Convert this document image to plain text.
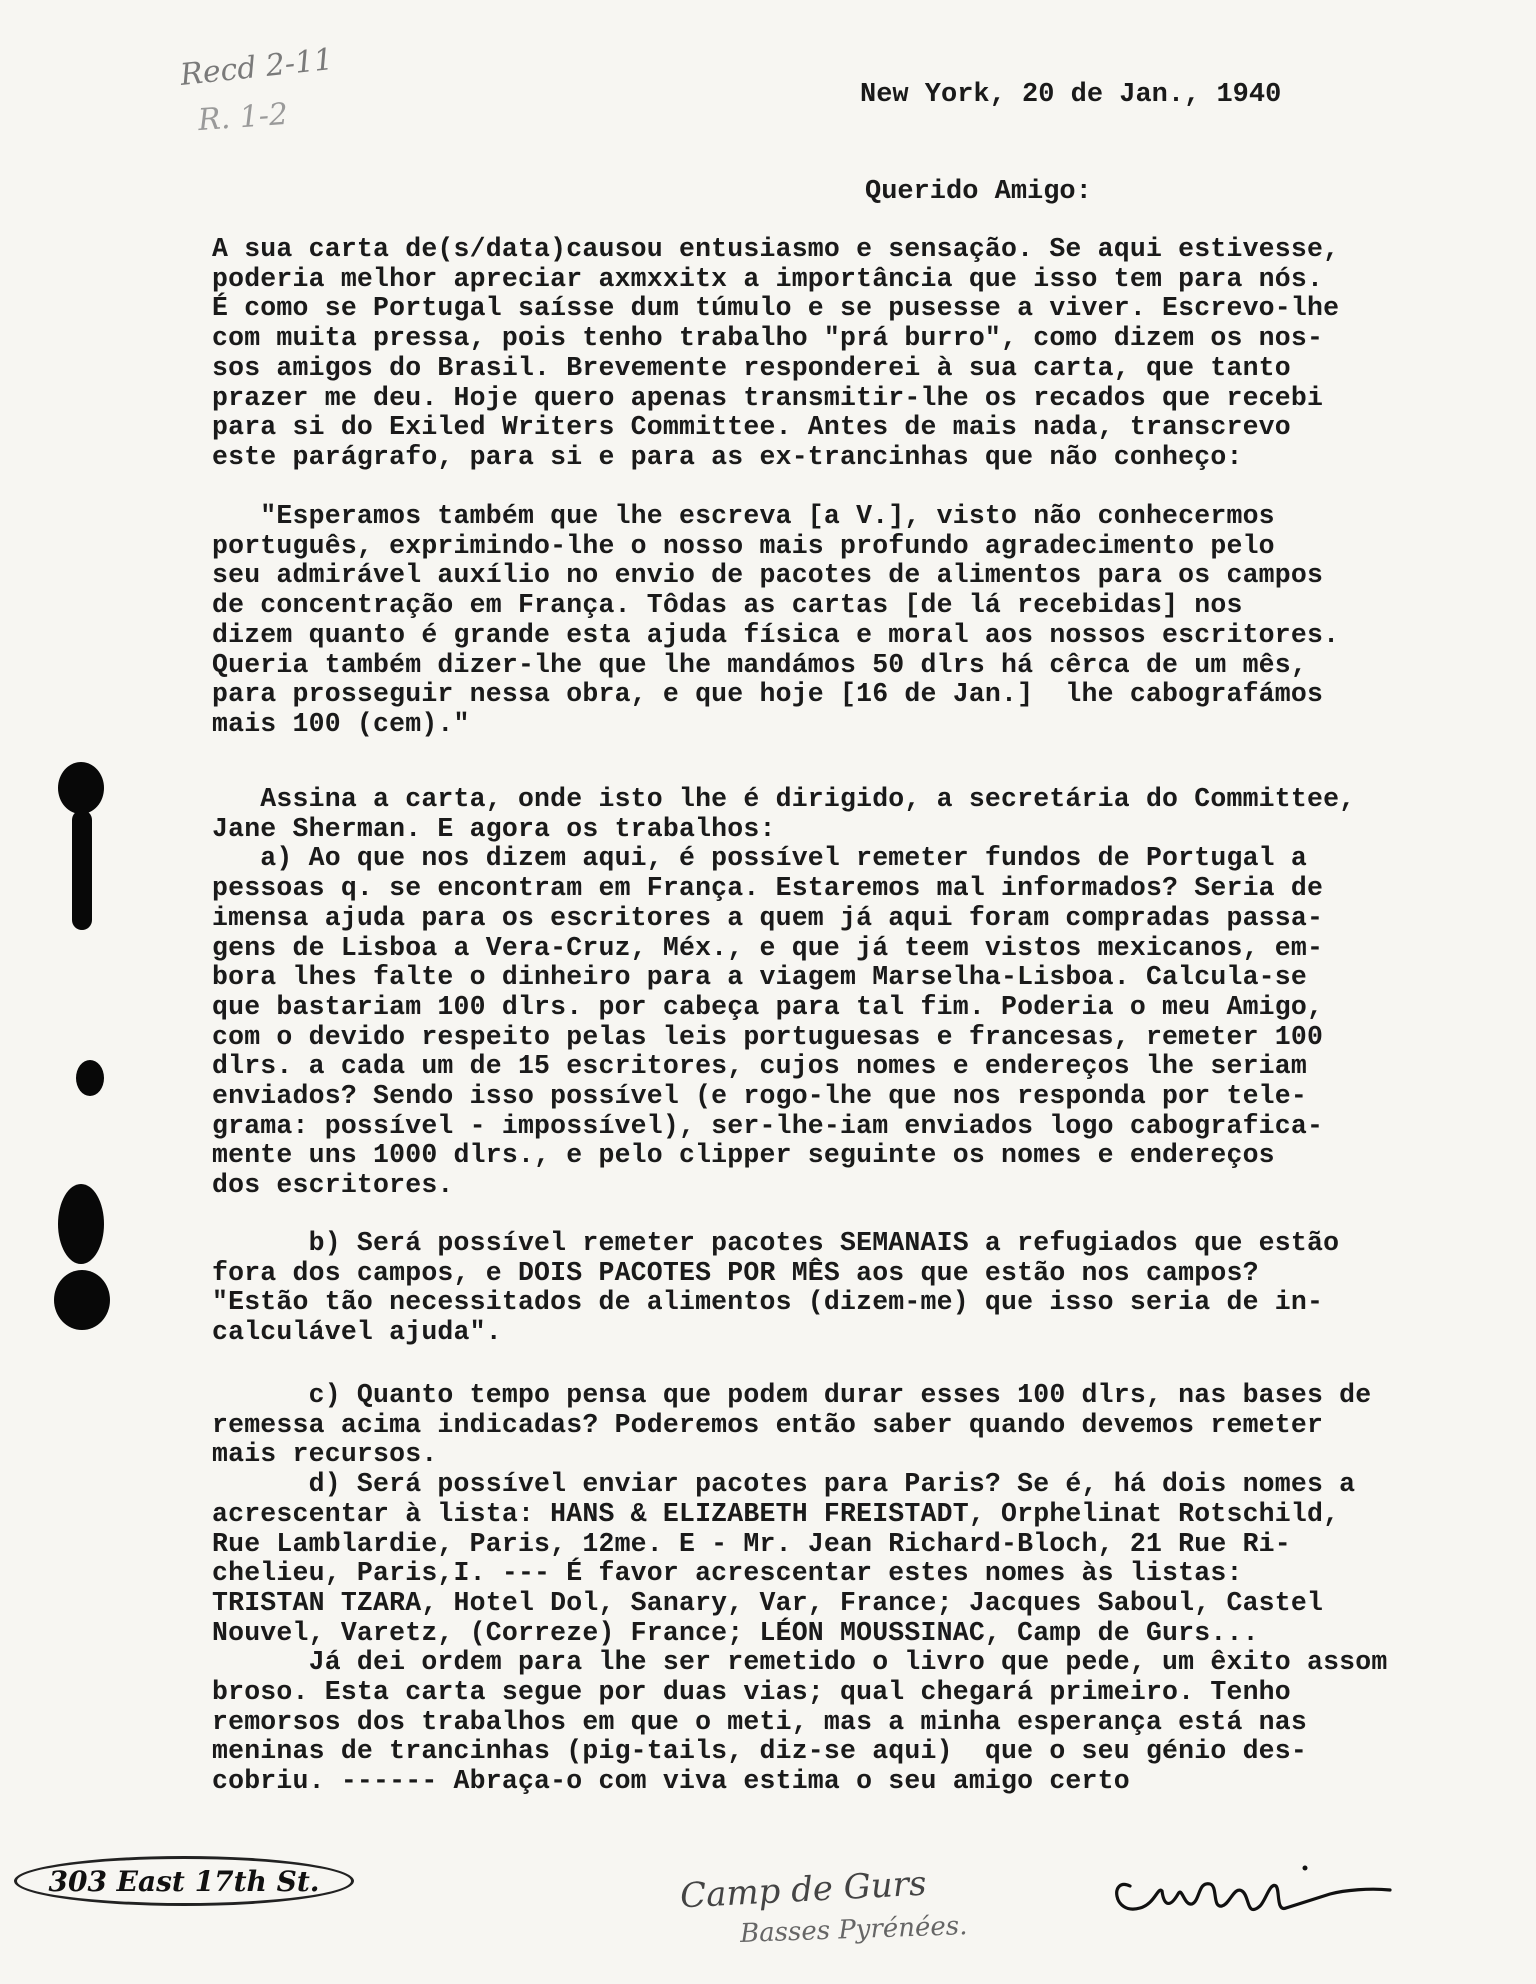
Recd 2-11
R. 1-2
New York, 20 de Jan., 1940
Querido Amigo:

A sua carta de(s/data)causou entusiasmo e sensação. Se aqui estivesse,

poderia melhor apreciar axmxxitx a importância que isso tem para nós.

É como se Portugal saísse dum túmulo e se pusesse a viver. Escrevo-lhe

com muita pressa, pois tenho trabalho "prá burro", como dizem os nos-

sos amigos do Brasil. Brevemente responderei à sua carta, que tanto

prazer me deu. Hoje quero apenas transmitir-lhe os recados que recebi

para si do Exiled Writers Committee. Antes de mais nada, transcrevo

este parágrafo, para si e para as ex-trancinhas que não conheço:

"Esperamos também que lhe escreva [a V.], visto não conhecermos

português, exprimindo-lhe o nosso mais profundo agradecimento pelo

seu admirável auxílio no envio de pacotes de alimentos para os campos

de concentração em França. Tôdas as cartas [de lá recebidas] nos

dizem quanto é grande esta ajuda física e moral aos nossos escritores.

Queria também dizer-lhe que lhe mandámos 50 dlrs há cêrca de um mês,

para prosseguir nessa obra, e que hoje [16 de Jan.]  lhe cabografámos

mais 100 (cem)."

Assina a carta, onde isto lhe é dirigido, a secretária do Committee,

Jane Sherman. E agora os trabalhos:

a) Ao que nos dizem aqui, é possível remeter fundos de Portugal a

pessoas q. se encontram em França. Estaremos mal informados? Seria de

imensa ajuda para os escritores a quem já aqui foram compradas passa-

gens de Lisboa a Vera-Cruz, Méx., e que já teem vistos mexicanos, em-

bora lhes falte o dinheiro para a viagem Marselha-Lisboa. Calcula-se

que bastariam 100 dlrs. por cabeça para tal fim. Poderia o meu Amigo,

com o devido respeito pelas leis portuguesas e francesas, remeter 100

dlrs. a cada um de 15 escritores, cujos nomes e endereços lhe seriam

enviados? Sendo isso possível (e rogo-lhe que nos responda por tele-

grama: possível - impossível), ser-lhe-iam enviados logo cabografica-

mente uns 1000 dlrs., e pelo clipper seguinte os nomes e endereços

dos escritores.

b) Será possível remeter pacotes SEMANAIS a refugiados que estão

fora dos campos, e DOIS PACOTES POR MÊS aos que estão nos campos?

"Estão tão necessitados de alimentos (dizem-me) que isso seria de in-

calculável ajuda".

c) Quanto tempo pensa que podem durar esses 100 dlrs, nas bases de

remessa acima indicadas? Poderemos então saber quando devemos remeter

mais recursos.

d) Será possível enviar pacotes para Paris? Se é, há dois nomes a

acrescentar à lista: HANS & ELIZABETH FREISTADT, Orphelinat Rotschild,

Rue Lamblardie, Paris, 12me. E - Mr. Jean Richard-Bloch, 21 Rue Ri-

chelieu, Paris,I. --- É favor acrescentar estes nomes às listas:

TRISTAN TZARA, Hotel Dol, Sanary, Var, France; Jacques Saboul, Castel

Nouvel, Varetz, (Correze) France; LÉON MOUSSINAC, Camp de Gurs...

Já dei ordem para lhe ser remetido o livro que pede, um êxito assom

broso. Esta carta segue por duas vias; qual chegará primeiro. Tenho

remorsos dos trabalhos em que o meti, mas a minha esperança está nas

meninas de trancinhas (pig-tails, diz-se aqui)  que o seu génio des-

cobriu. ------ Abraça-o com viva estima o seu amigo certo

303 East 17th St.	Camp de Gurs
Basses Pyrénées.
